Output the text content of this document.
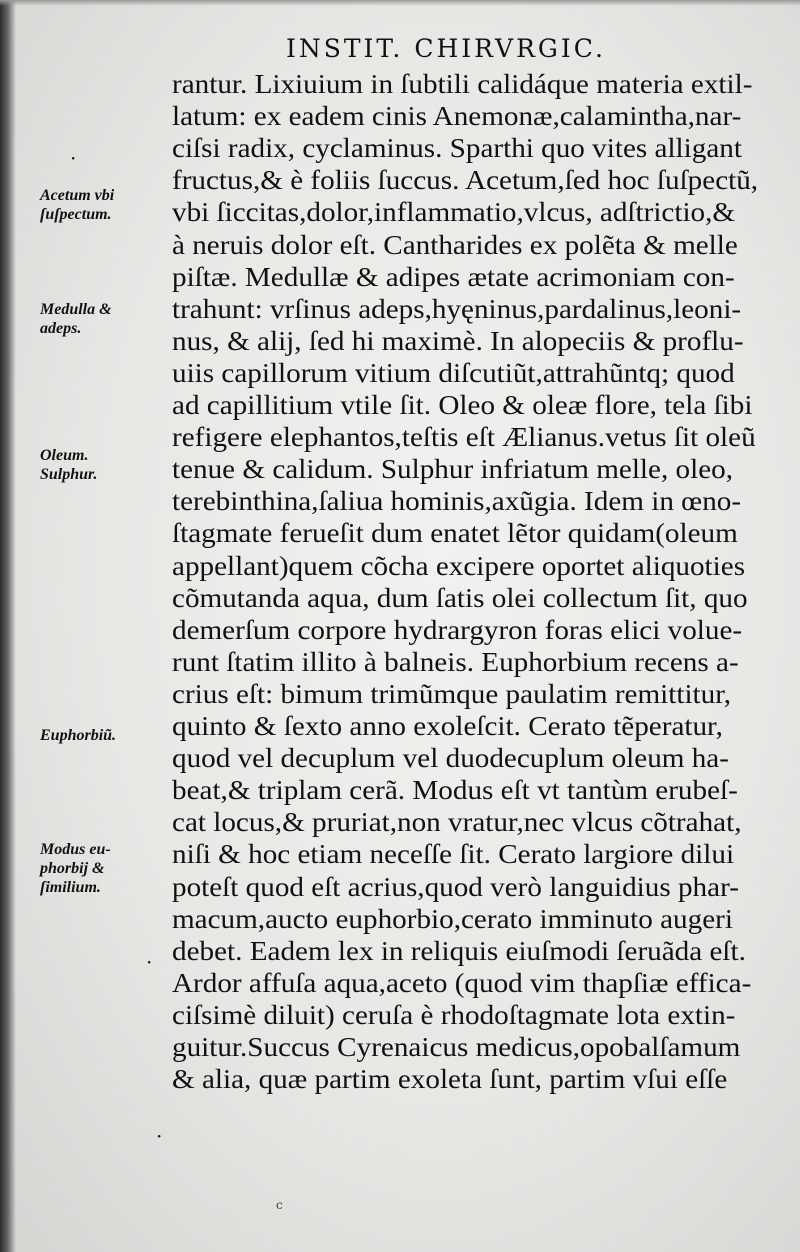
INSTIT. CHIRVRGIC.
Acetum vbi
ſuſpectum.
Medulla &
adeps.
Oleum.
Sulphur.
Euphorbiũ.
Modus eu-
phorbij &
ſimilium.
·
·
·
rantur. Lixiuium in ſubtili calidáque materia extil-
latum: ex eadem cinis Anemonæ,calamintha,nar-
ciſsi radix, cyclaminus. Sparthi quo vites alligant
fructus,& è foliis ſuccus. Acetum,ſed hoc ſuſpectũ,
vbi ſiccitas,dolor,inflammatio,vlcus, adſtrictio,&
à neruis dolor eſt. Cantharides ex polẽta & melle
piſtæ. Medullæ & adipes ætate acrimoniam con-
trahunt: vrſinus adeps,hyęninus,pardalinus,leoni-
nus, & alij, ſed hi maximè. In alopeciis & proflu-
uiis capillorum vitium diſcutiũt,attrahũntq; quod
ad capillitium vtile ſit. Oleo & oleæ flore, tela ſibi
refigere elephantos,teſtis eſt Ælianus.vetus ſit oleũ
tenue & calidum. Sulphur infriatum melle, oleo,
terebinthina,ſaliua hominis,axũgia. Idem in œno-
ſtagmate ferueſit dum enatet lẽtor quidam(oleum
appellant)quem cõcha excipere oportet aliquoties
cõmutanda aqua, dum ſatis olei collectum ſit, quo
demerſum corpore hydrargyron foras elici volue-
runt ſtatim illito à balneis. Euphorbium recens a-
crius eſt: bimum trimũmque paulatim remittitur,
quinto & ſexto anno exoleſcit. Cerato tẽperatur,
quod vel decuplum vel duodecuplum oleum ha-
beat,& triplam cerã. Modus eſt vt tantùm erubeſ-
cat locus,& pruriat,non vratur,nec vlcus cõtrahat,
niſi & hoc etiam neceſſe ſit. Cerato largiore dilui
poteſt quod eſt acrius,quod verò languidius phar-
macum,aucto euphorbio,cerato imminuto augeri
debet. Eadem lex in reliquis eiuſmodi ſeruãda eſt.
Ardor affuſa aqua,aceto (quod vim thapſiæ effica-
ciſsimè diluit) ceruſa è rhodoſtagmate lota extin-
guitur.Succus Cyrenaicus medicus,opobalſamum
& alia, quæ partim exoleta ſunt, partim vſui eſſe
c
